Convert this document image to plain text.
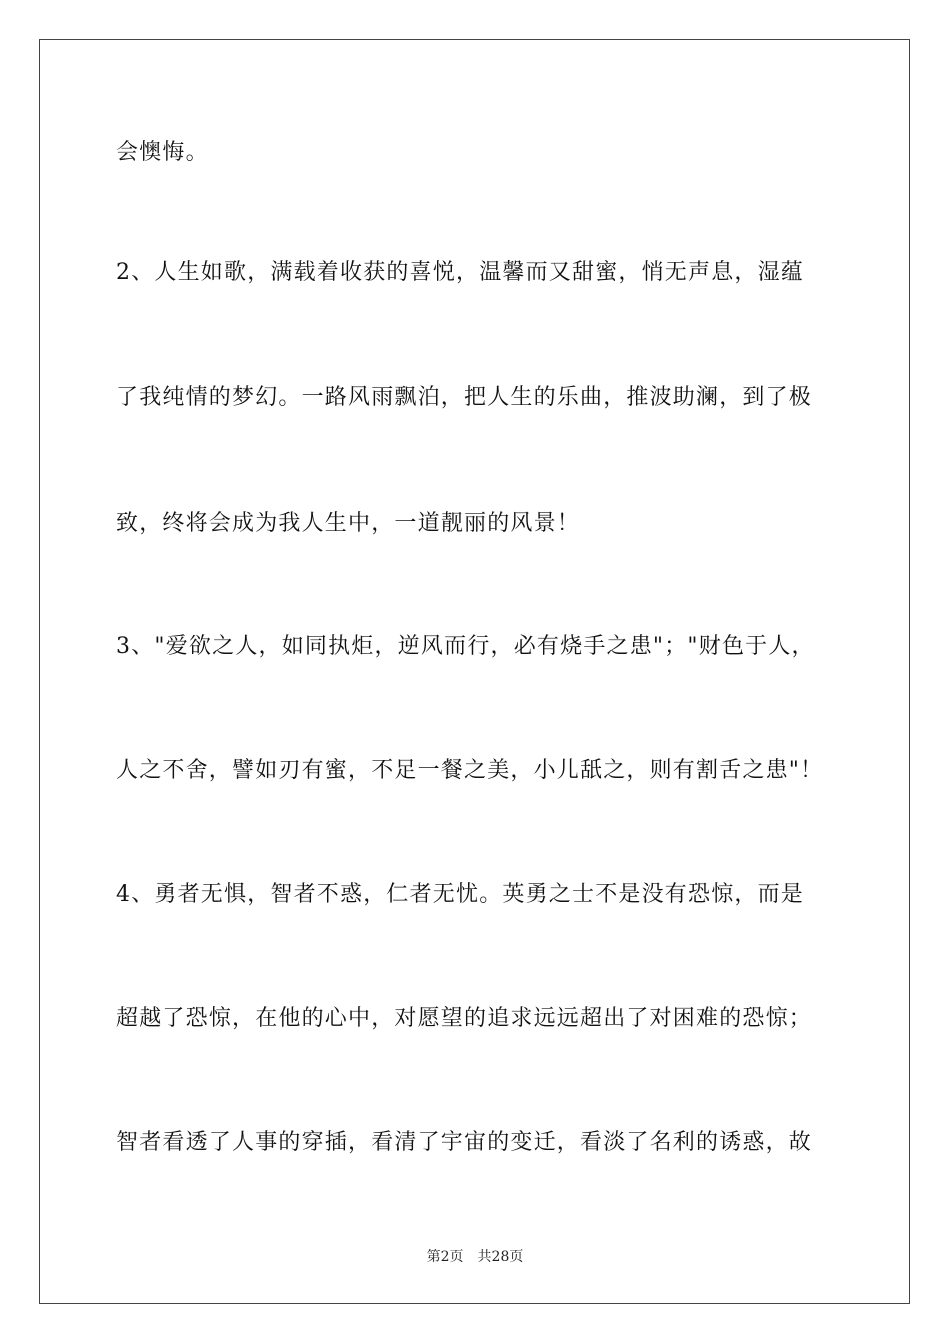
会懊悔。
2、人生如歌，满载着收获的喜悦，温馨而又甜蜜，悄无声息，湿蕴
了我纯情的梦幻。一路风雨飘泊，把人生的乐曲，推波助澜，到了极
致，终将会成为我人生中，一道靓丽的风景！
3、"爱欲之人，如同执炬，逆风而行，必有烧手之患"；"财色于人，
人之不舍，譬如刃有蜜，不足一餐之美，小儿舐之，则有割舌之患"！
4、勇者无惧，智者不惑，仁者无忧。英勇之士不是没有恐惊，而是
超越了恐惊，在他的心中，对愿望的追求远远超出了对困难的恐惊；
智者看透了人事的穿插，看清了宇宙的变迁，看淡了名利的诱惑，故
第2页 共28页
